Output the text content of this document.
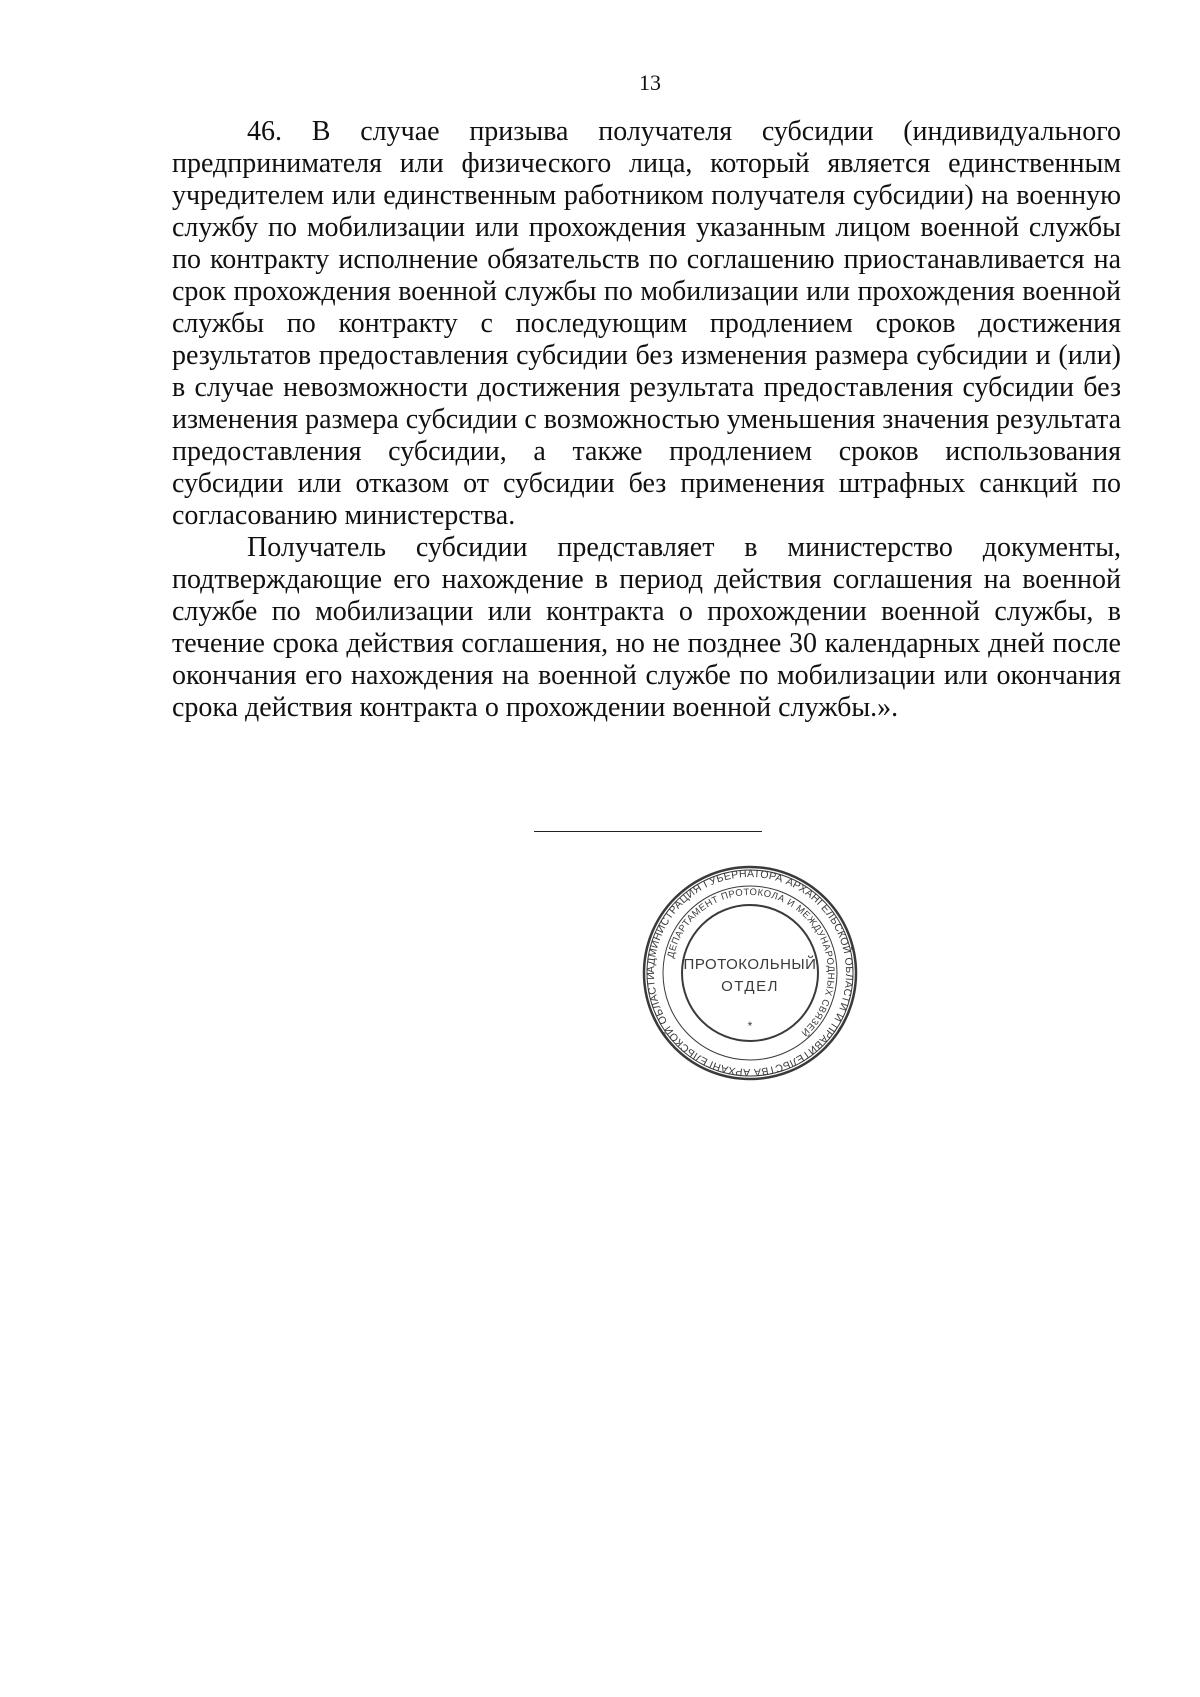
13

46. В случае призыва получателя субсидии (индивидуального предпринимателя или физического лица, который является единственным учредителем или единственным работником получателя субсидии) на военную службу по мобилизации или прохождения указанным лицом военной службы по контракту исполнение обязательств по соглашению приостанавливается на срок прохождения военной службы по мобилизации или прохождения военной службы по контракту с последующим продлением сроков достижения результатов предоставления субсидии без изменения размера субсидии и (или) в случае невозможности достижения результата предоставления субсидии без изменения размера субсидии с возможностью уменьшения значения результата предоставления субсидии, а также продлением сроков использования субсидии или отказом от субсидии без применения штрафных санкций по согласованию министерства.

Получатель субсидии представляет в министерство документы, подтверждающие его нахождение в период действия соглашения на военной службе по мобилизации или контракта о прохождении военной службы, в течение срока действия соглашения, но не позднее 30 календарных дней после окончания его нахождения на военной службе по мобилизации или окончания срока действия контракта о прохождении военной службы.».

АДМИНИСТРАЦИЯ ГУБЕРНАТОРА АРХАНГЕЛЬСКОЙ ОБЛАСТИ И ПРАВИТЕЛЬСТВА АРХАНГЕЛЬСКОЙ ОБЛАСТИ
ДЕПАРТАМЕНТ ПРОТОКОЛА И МЕЖДУНАРОДНЫХ СВЯЗЕЙ
ПРОТОКОЛЬНЫЙ
ОТДЕЛ
*
